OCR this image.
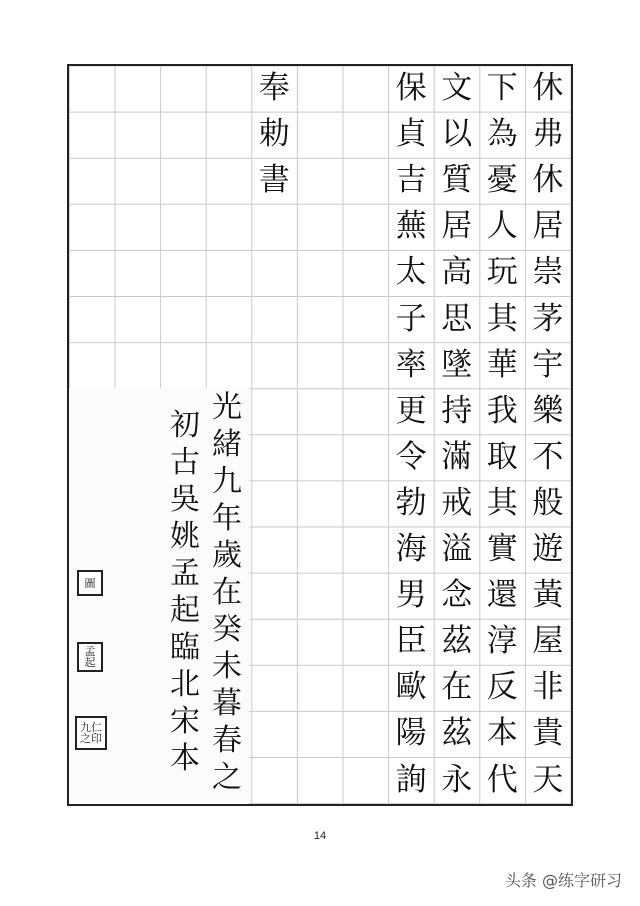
休
弗
休
居
崇
茅
宇
樂
不
般
遊
黃
屋
非
貴
天
下
為
憂
人
玩
其
華
我
取
其
實
還
淳
反
本
代
文
以
質
居
高
思
墜
持
滿
戒
溢
念
茲
在
茲
永
保
貞
吉
蕪
太
子
率
更
令
勃
海
男
臣
歐
陽
詢
奉
勅
書
光
緒
九
年
歲
在
癸
未
暮
春
之
初
古
吳
姚
孟
起
臨
北
宋
本
圖
孟起
九仁 之印
14
头条 @练字研习
